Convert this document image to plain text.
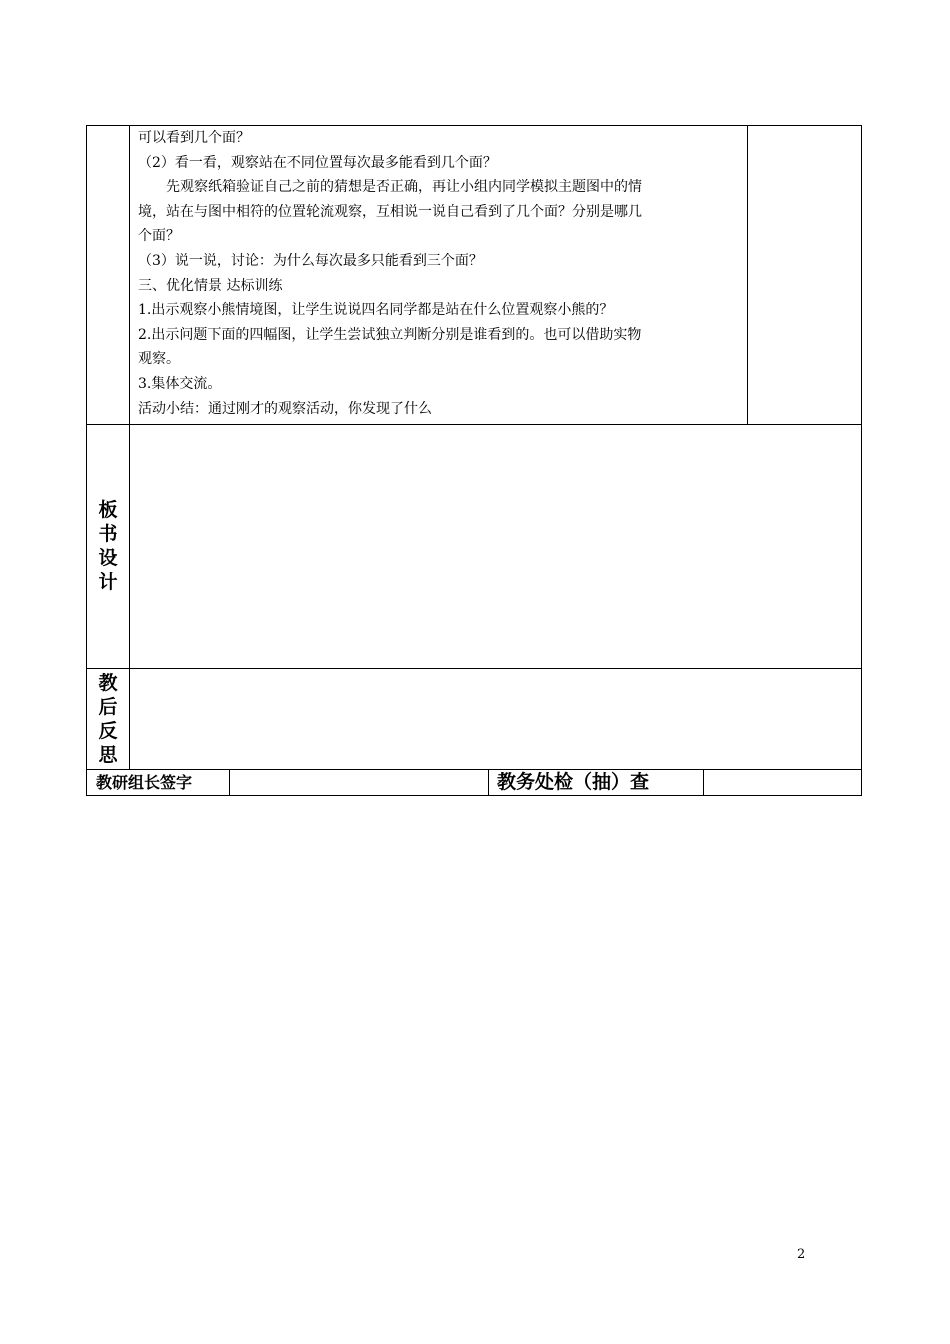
可以看到几个面？
（2）看一看，观察站在不同位置每次最多能看到几个面？
　　先观察纸箱验证自己之前的猜想是否正确，再让小组内同学模拟主题图中的情
境，站在与图中相符的位置轮流观察，互相说一说自己看到了几个面？分别是哪几
个面？
（3）说一说，讨论：为什么每次最多只能看到三个面？
三、优化情景 达标训练
1.出示观察小熊情境图，让学生说说四名同学都是站在什么位置观察小熊的？
2.出示问题下面的四幅图，让学生尝试独立判断分别是谁看到的。也可以借助实物
观察。
3.集体交流。
活动小结：通过刚才的观察活动，你发现了什么
板
书
设
计
教
后
反
思
教研组长签字	教务处检（抽）查
2
